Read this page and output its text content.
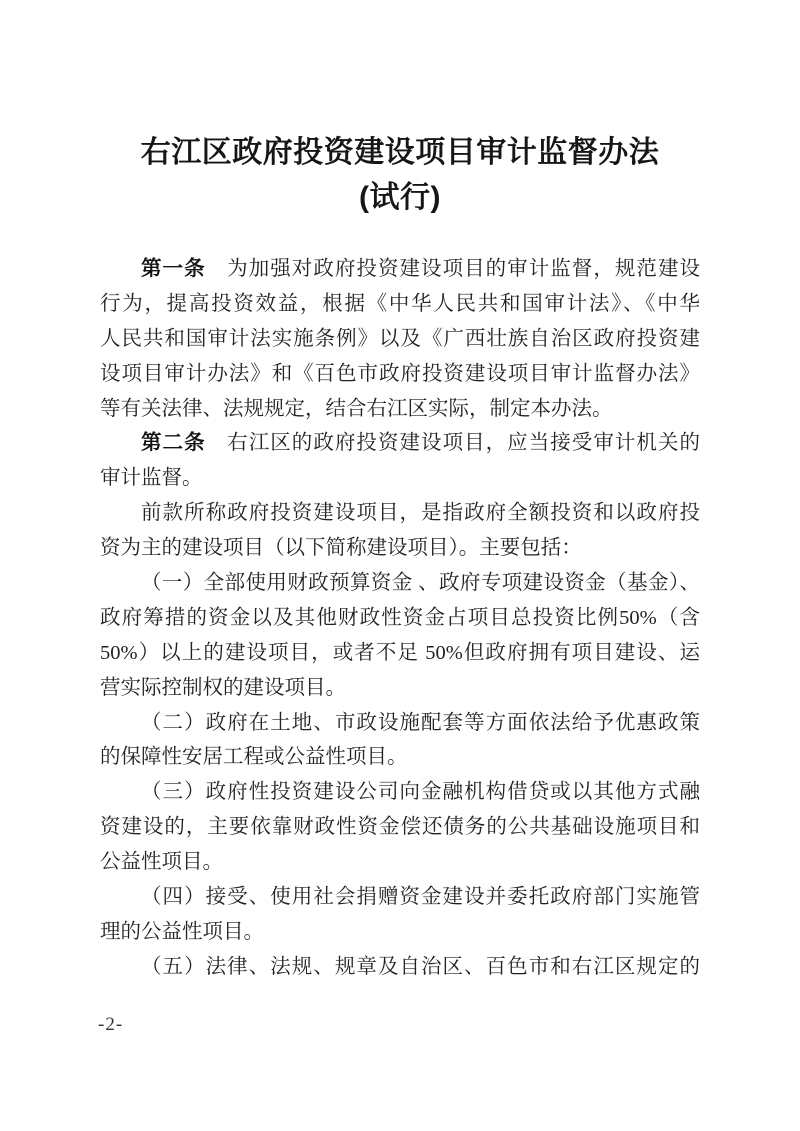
右江区政府投资建设项目审计监督办法
(试行)
第一条　为加强对政府投资建设项目的审计监督，规范建设
行为，提高投资效益，根据《中华人民共和国审计法》、《中华
人民共和国审计法实施条例》以及《广西壮族自治区政府投资建
设项目审计办法》和《百色市政府投资建设项目审计监督办法》
等有关法律、法规规定，结合右江区实际，制定本办法。
第二条　右江区的政府投资建设项目，应当接受审计机关的
审计监督。
前款所称政府投资建设项目，是指政府全额投资和以政府投
资为主的建设项目（以下简称建设项目）。主要包括：
（一）全部使用财政预算资金 、政府专项建设资金（基金）、
政府筹措的资金以及其他财政性资金占项目总投资比例50%（含
50%）以上的建设项目，或者不足 50%但政府拥有项目建设、运
营实际控制权的建设项目。
（二）政府在土地、市政设施配套等方面依法给予优惠政策
的保障性安居工程或公益性项目。
（三）政府性投资建设公司向金融机构借贷或以其他方式融
资建设的，主要依靠财政性资金偿还债务的公共基础设施项目和
公益性项目。
（四）接受、使用社会捐赠资金建设并委托政府部门实施管
理的公益性项目。
（五）法律、法规、规章及自治区、百色市和右江区规定的
-2-
